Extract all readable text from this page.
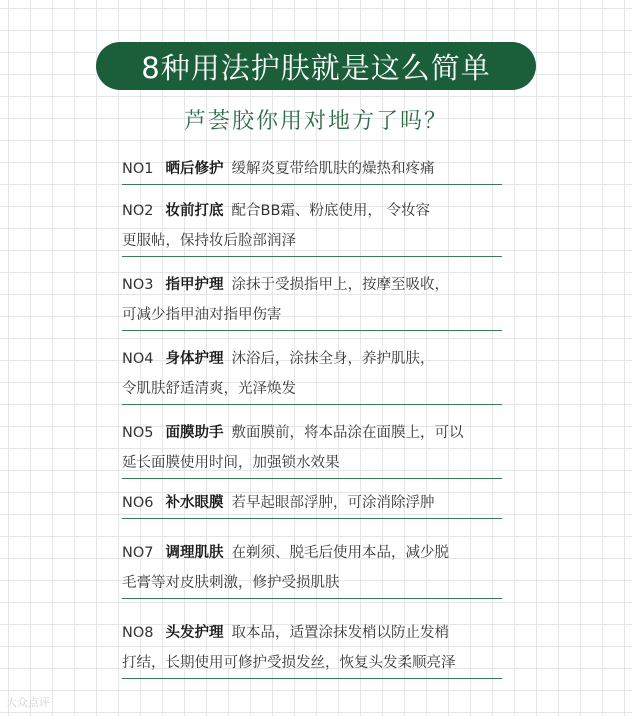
8种用法护肤就是这么简单
芦荟胶你用对地方了吗？
NO1 晒后修护 缓解炎夏带给肌肤的燥热和疼痛
NO2 妆前打底 配合BB霜、粉底使用， 令妆容
更服帖，保持妆后脸部润泽
NO3 指甲护理 涂抹于受损指甲上，按摩至吸收，
可减少指甲油对指甲伤害
NO4 身体护理 沐浴后，涂抹全身，养护肌肤，
令肌肤舒适清爽，光泽焕发
NO5 面膜助手 敷面膜前，将本品涂在面膜上，可以
延长面膜使用时间，加强锁水效果
NO6 补水眼膜 若早起眼部浮肿，可涂消除浮肿
NO7 调理肌肤 在剃须、脱毛后使用本品，减少脱
毛膏等对皮肤刺激，修护受损肌肤
NO8 头发护理 取本品，适置涂抹发梢以防止发梢
打结，长期使用可修护受损发丝，恢复头发柔顺亮泽
大众点评
